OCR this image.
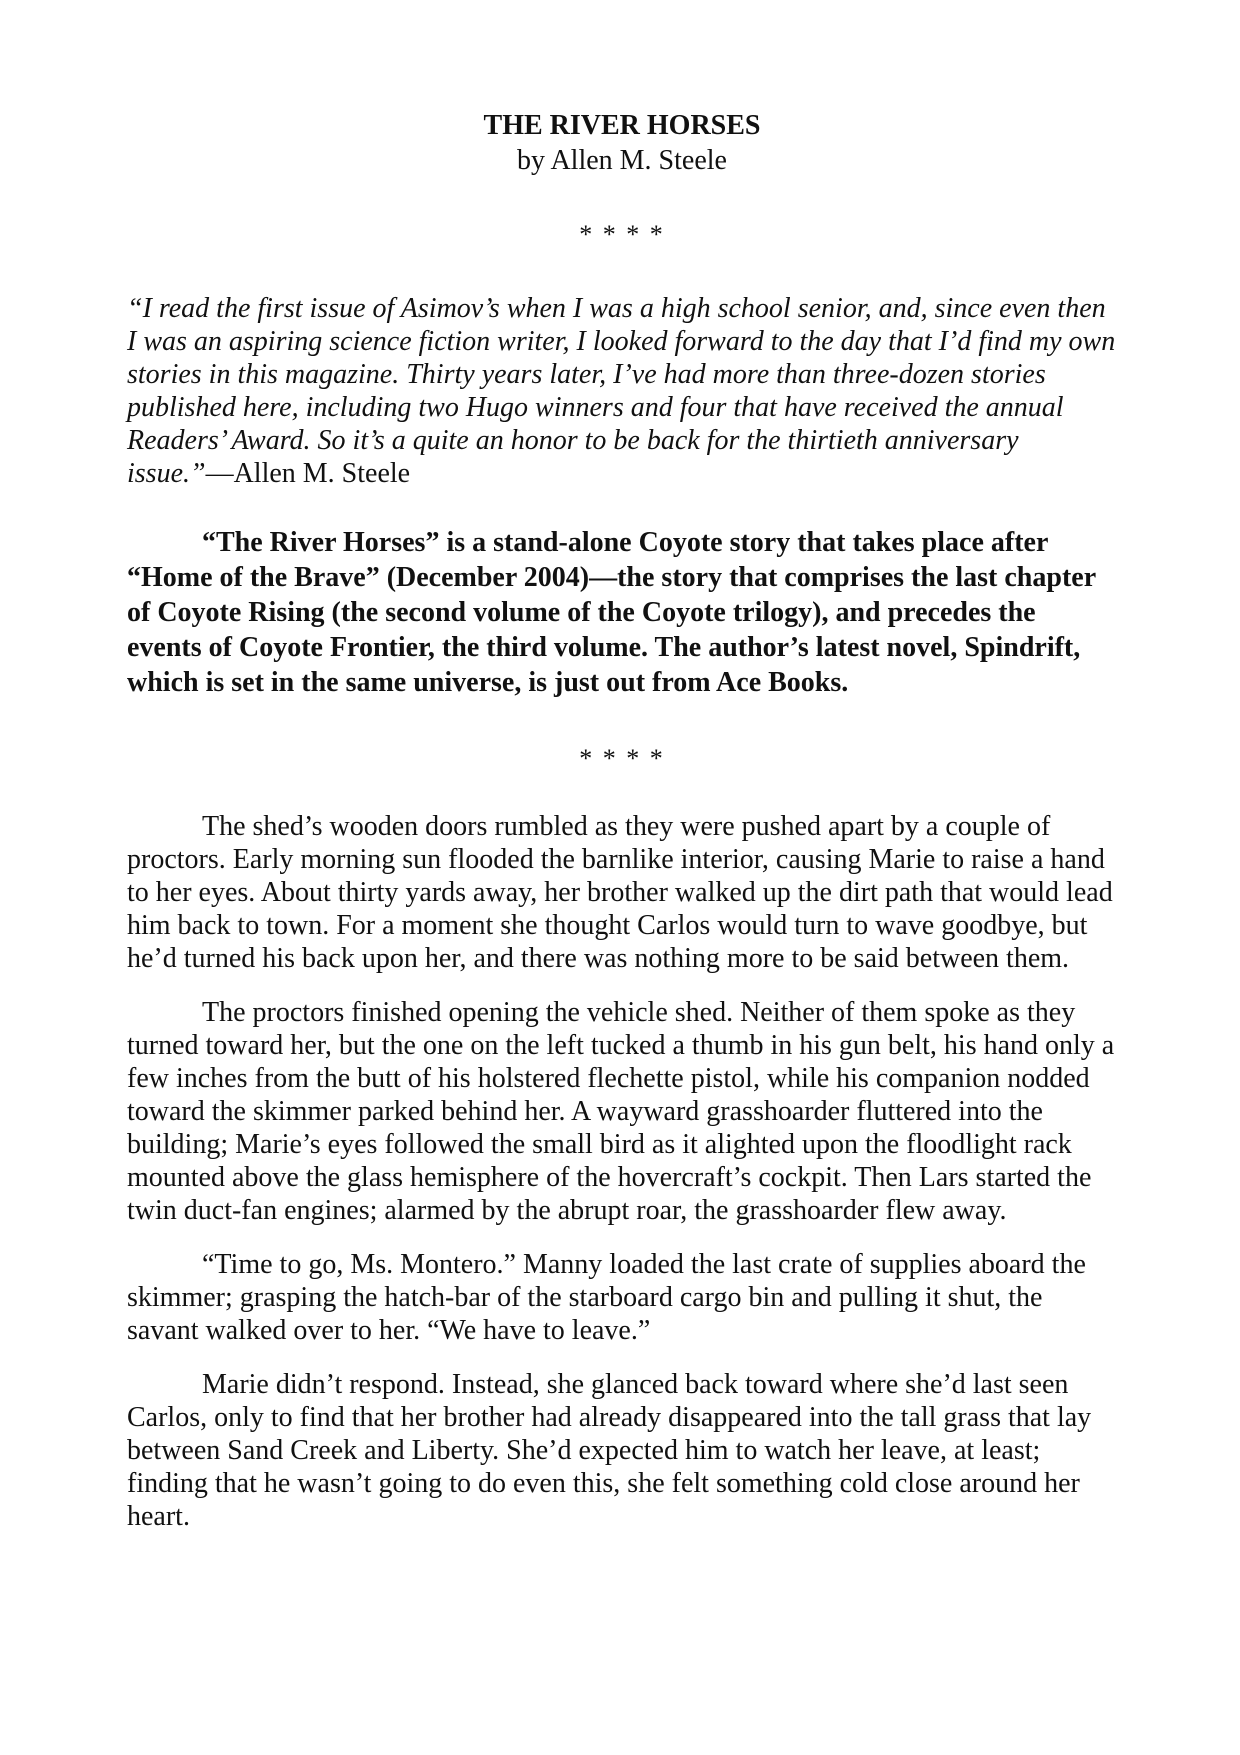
THE RIVER HORSES

by Allen M. Steele

* * * *
“I read the first issue of Asimov’s when I was a high school senior, and, since even then I was an aspiring science fiction writer, I looked forward to the day that I’d find my own stories in this magazine. Thirty years later, I’ve had more than three-dozen stories published here, including two Hugo winners and four that have received the annual Readers’ Award. So it’s a quite an honor to be back for the thirtieth anniversary issue.”—Allen M. Steele
“The River Horses” is a stand-alone Coyote story that takes place after “Home of the Brave” (December 2004)—the story that comprises the last chapter of Coyote Rising (the second volume of the Coyote trilogy), and precedes the events of Coyote Frontier, the third volume. The author’s latest novel, Spindrift, which is set in the same universe, is just out from Ace Books.
* * * *

The shed’s wooden doors rumbled as they were pushed apart by a couple of proctors. Early morning sun flooded the barnlike interior, causing Marie to raise a hand to her eyes. About thirty yards away, her brother walked up the dirt path that would lead him back to town. For a moment she thought Carlos would turn to wave goodbye, but he’d turned his back upon her, and there was nothing more to be said between them.

The proctors finished opening the vehicle shed. Neither of them spoke as they turned toward her, but the one on the left tucked a thumb in his gun belt, his hand only a few inches from the butt of his holstered flechette pistol, while his companion nodded toward the skimmer parked behind her. A wayward grasshoarder fluttered into the building; Marie’s eyes followed the small bird as it alighted upon the floodlight rack mounted above the glass hemisphere of the hovercraft’s cockpit. Then Lars started the twin duct-fan engines; alarmed by the abrupt roar, the grasshoarder flew away.

“Time to go, Ms. Montero.” Manny loaded the last crate of supplies aboard the skimmer; grasping the hatch-bar of the starboard cargo bin and pulling it shut, the savant walked over to her. “We have to leave.”

Marie didn’t respond. Instead, she glanced back toward where she’d last seen Carlos, only to find that her brother had already disappeared into the tall grass that lay between Sand Creek and Liberty. She’d expected him to watch her leave, at least; finding that he wasn’t going to do even this, she felt something cold close around her heart.
